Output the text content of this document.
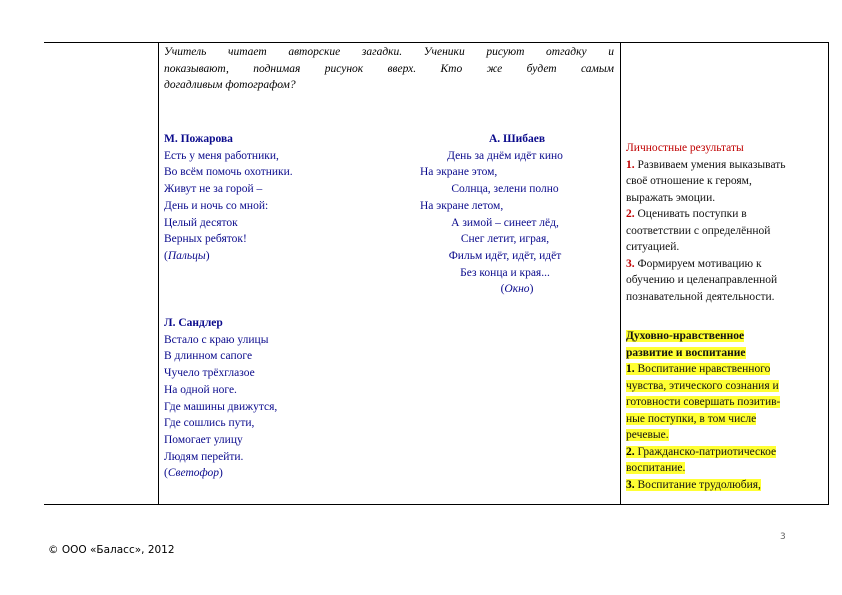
Учитель читает авторские загадки. Ученики рисуют отгадку и
показывают, поднимая рисунок вверх. Кто же будет самым
догадливым фотографом?
М. Пожарова
Есть у меня работники,
Во всём помочь охотники.
Живут не за горой –
День и ночь со мной:
Целый десяток
Верных ребяток!
(Пальцы)
А. Шибаев
День за днём идёт кино
На экране этом,
Солнца, зелени полно
На экране летом,
А зимой – синеет лёд,
Снег летит, играя,
Фильм идёт, идёт, идёт
Без конца и края...
(Окно)
Л. Сандлер
Встало с краю улицы
В длинном сапоге
Чучело трёхглазое
На одной ноге.
Где машины движутся,
Где сошлись пути,
Помогает улицу
Людям перейти.
(Светофор)
Личностные результаты
1. Развиваем умения выказывать
своё отношение к героям,
выражать эмоции.
2. Оценивать поступки в
соответствии с определённой
ситуацией.
3. Формируем мотивацию к
обучению и целенаправленной
познавательной деятельности.
Духовно-нравственное
развитие и воспитание
1. Воспитание нравственного
чувства, этического сознания и
готовности совершать позитив-
ные поступки, в том числе
речевые.
2. Гражданско-патриотическое
воспитание.
3. Воспитание трудолюбия,
3
© ООО «Баласс», 2012
